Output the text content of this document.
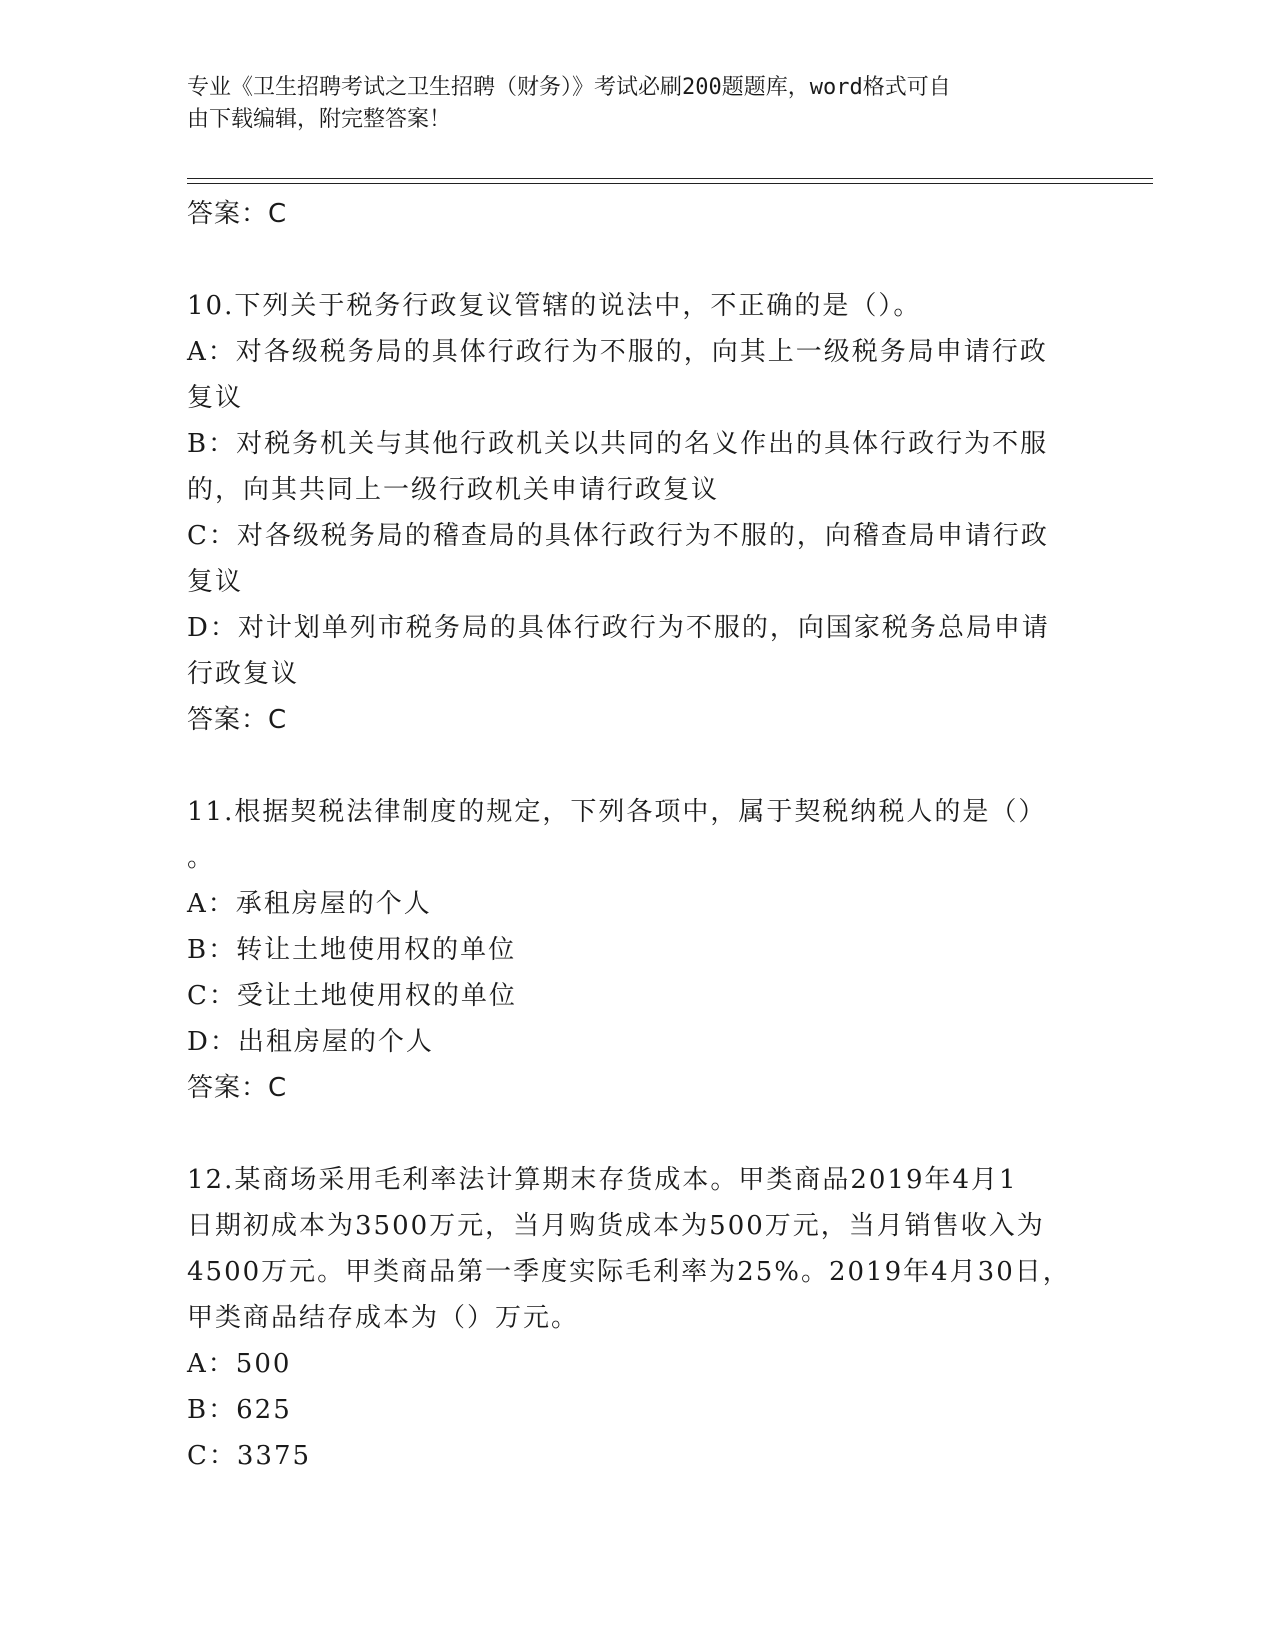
专业《卫生招聘考试之卫生招聘（财务）》考试必刷200题题库，word格式可自

由下载编辑，附完整答案！

答案：C

10.下列关于税务行政复议管辖的说法中，不正确的是（）。

A：对各级税务局的具体行政行为不服的，向其上一级税务局申请行政

复议

B：对税务机关与其他行政机关以共同的名义作出的具体行政行为不服

的，向其共同上一级行政机关申请行政复议

C：对各级税务局的稽查局的具体行政行为不服的，向稽查局申请行政

复议

D：对计划单列市税务局的具体行政行为不服的，向国家税务总局申请

行政复议

答案：C

11.根据契税法律制度的规定，下列各项中，属于契税纳税人的是（）

。

A：承租房屋的个人

B：转让土地使用权的单位

C：受让土地使用权的单位

D：出租房屋的个人

答案：C

12.某商场采用毛利率法计算期末存货成本。甲类商品2019年4月1

日期初成本为3500万元，当月购货成本为500万元，当月销售收入为

4500万元。甲类商品第一季度实际毛利率为25%。2019年4月30日，

甲类商品结存成本为（）万元。

A：500

B：625

C：3375
